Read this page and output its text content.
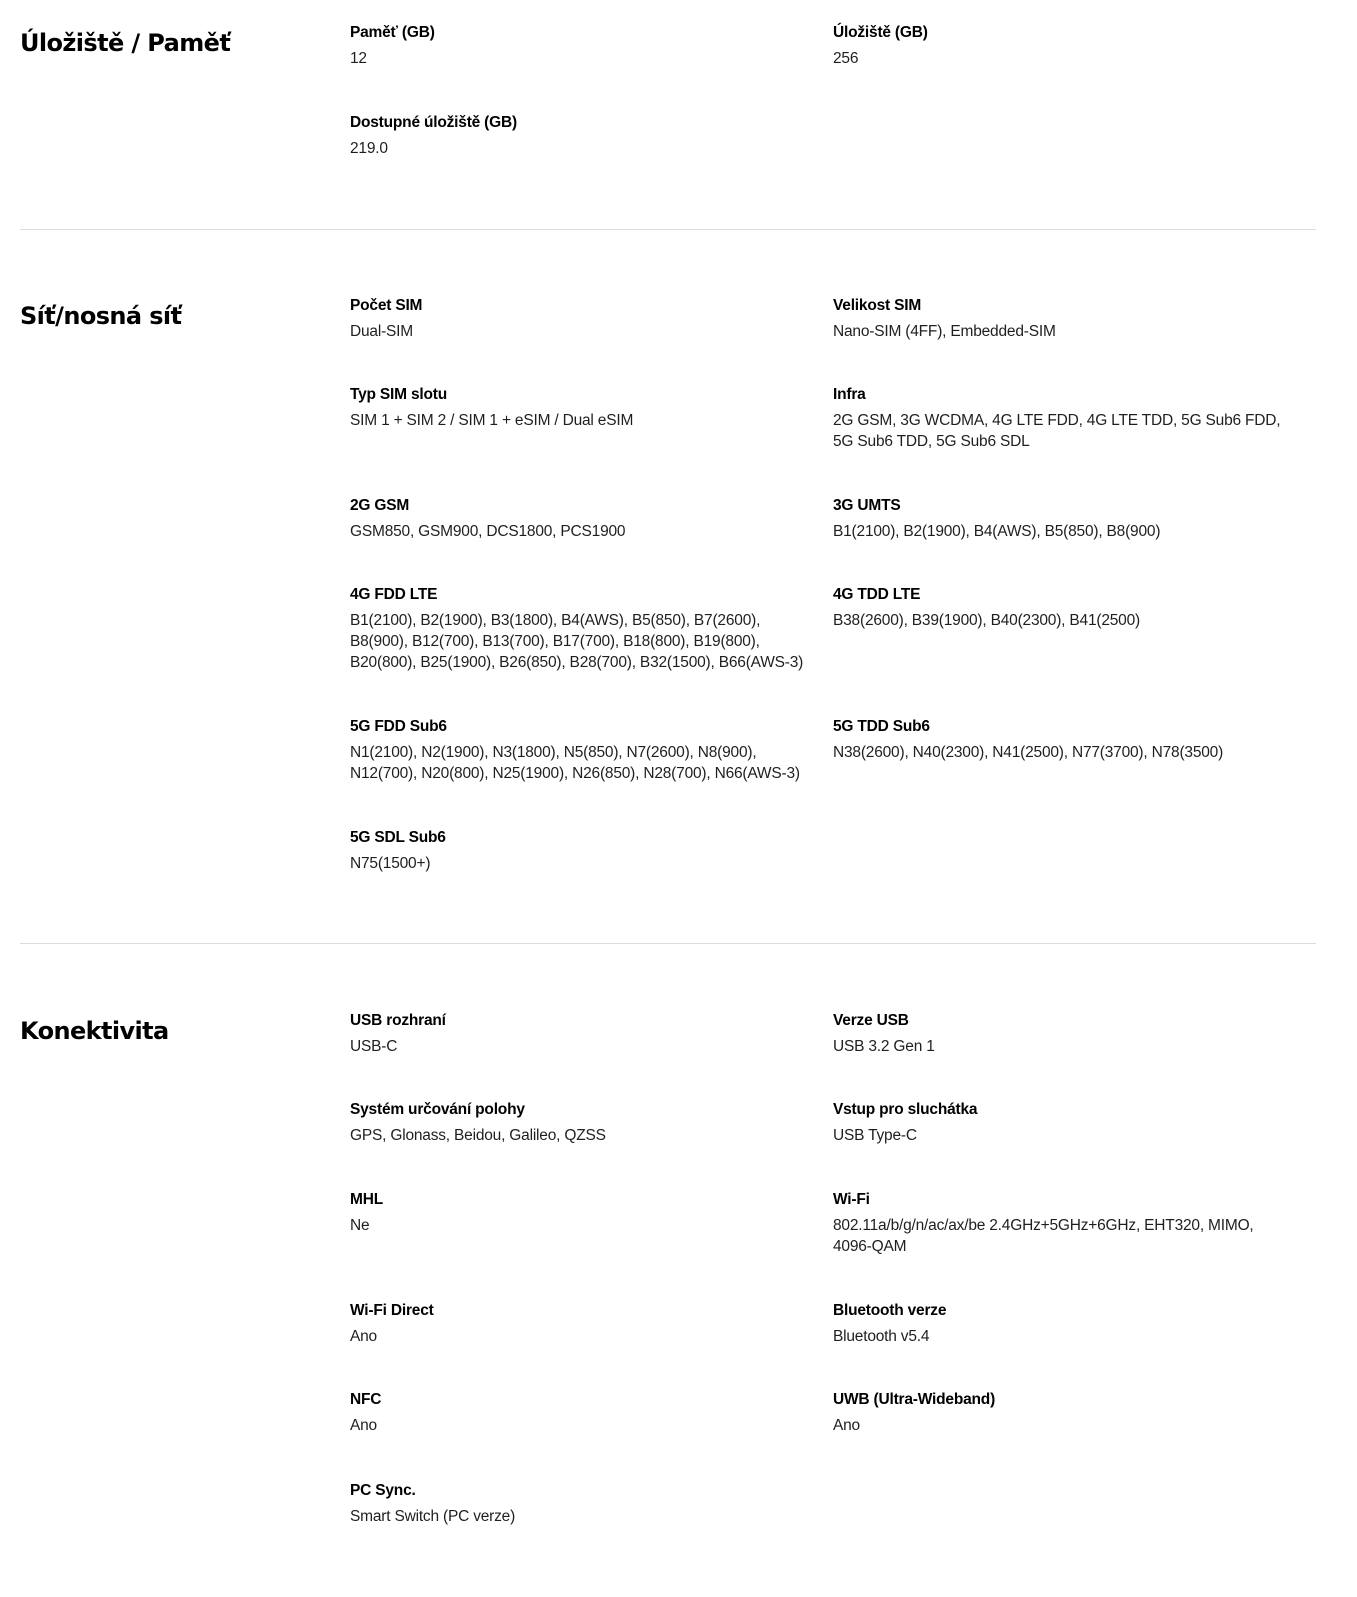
Úložiště / Paměť	Paměť (GB)
12
Úložiště (GB)
256
Dostupné úložiště (GB)
219.0
Síť/nosná síť	Počet SIM
Dual-SIM
Velikost SIM
Nano-SIM (4FF), Embedded-SIM
Typ SIM slotu
SIM 1 + SIM 2 / SIM 1 + eSIM / Dual eSIM
Infra
2G GSM, 3G WCDMA, 4G LTE FDD, 4G LTE TDD, 5G Sub6 FDD, 5G Sub6 TDD, 5G Sub6 SDL
2G GSM
GSM850, GSM900, DCS1800, PCS1900
3G UMTS
B1(2100), B2(1900), B4(AWS), B5(850), B8(900)
4G FDD LTE
B1(2100), B2(1900), B3(1800), B4(AWS), B5(850), B7(2600), B8(900), B12(700), B13(700), B17(700), B18(800), B19(800), B20(800), B25(1900), B26(850), B28(700), B32(1500), B66(AWS-3)
4G TDD LTE
B38(2600), B39(1900), B40(2300), B41(2500)
5G FDD Sub6
N1(2100), N2(1900), N3(1800), N5(850), N7(2600), N8(900), N12(700), N20(800), N25(1900), N26(850), N28(700), N66(AWS-3)
5G TDD Sub6
N38(2600), N40(2300), N41(2500), N77(3700), N78(3500)
5G SDL Sub6
N75(1500+)
Konektivita	USB rozhraní
USB-C
Verze USB
USB 3.2 Gen 1
Systém určování polohy
GPS, Glonass, Beidou, Galileo, QZSS
Vstup pro sluchátka
USB Type-C
MHL
Ne
Wi-Fi
802.11a/b/g/n/ac/ax/be 2.4GHz+5GHz+6GHz, EHT320, MIMO, 4096-QAM
Wi-Fi Direct
Ano
Bluetooth verze
Bluetooth v5.4
NFC
Ano
UWB (Ultra-Wideband)
Ano
PC Sync.
Smart Switch (PC verze)
